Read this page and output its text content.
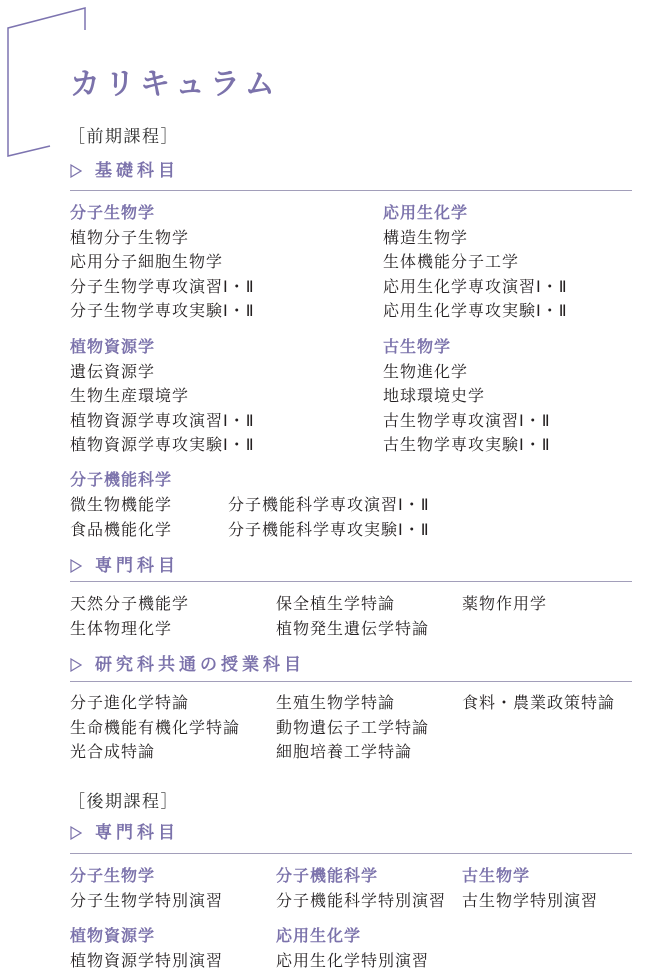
カリキュラム
［前期課程］
基礎科目
分子生物学
植物分子生物学
応用分子細胞生物学
分子生物学専攻演習Ⅰ・Ⅱ
分子生物学専攻実験Ⅰ・Ⅱ
応用生化学
構造生物学
生体機能分子工学
応用生化学専攻演習Ⅰ・Ⅱ
応用生化学専攻実験Ⅰ・Ⅱ
植物資源学
遺伝資源学
生物生産環境学
植物資源学専攻演習Ⅰ・Ⅱ
植物資源学専攻実験Ⅰ・Ⅱ
古生物学
生物進化学
地球環境史学
古生物学専攻演習Ⅰ・Ⅱ
古生物学専攻実験Ⅰ・Ⅱ
分子機能科学
微生物機能学
食品機能化学
分子機能科学専攻演習Ⅰ・Ⅱ
分子機能科学専攻実験Ⅰ・Ⅱ
専門科目
天然分子機能学
生体物理化学
保全植生学特論
植物発生遺伝学特論
薬物作用学
研究科共通の授業科目
分子進化学特論
生命機能有機化学特論
光合成特論
生殖生物学特論
動物遺伝子工学特論
細胞培養工学特論
食料・農業政策特論
［後期課程］
専門科目
分子生物学
分子生物学特別演習
分子機能科学
分子機能科学特別演習
古生物学
古生物学特別演習
植物資源学
植物資源学特別演習
応用生化学
応用生化学特別演習
